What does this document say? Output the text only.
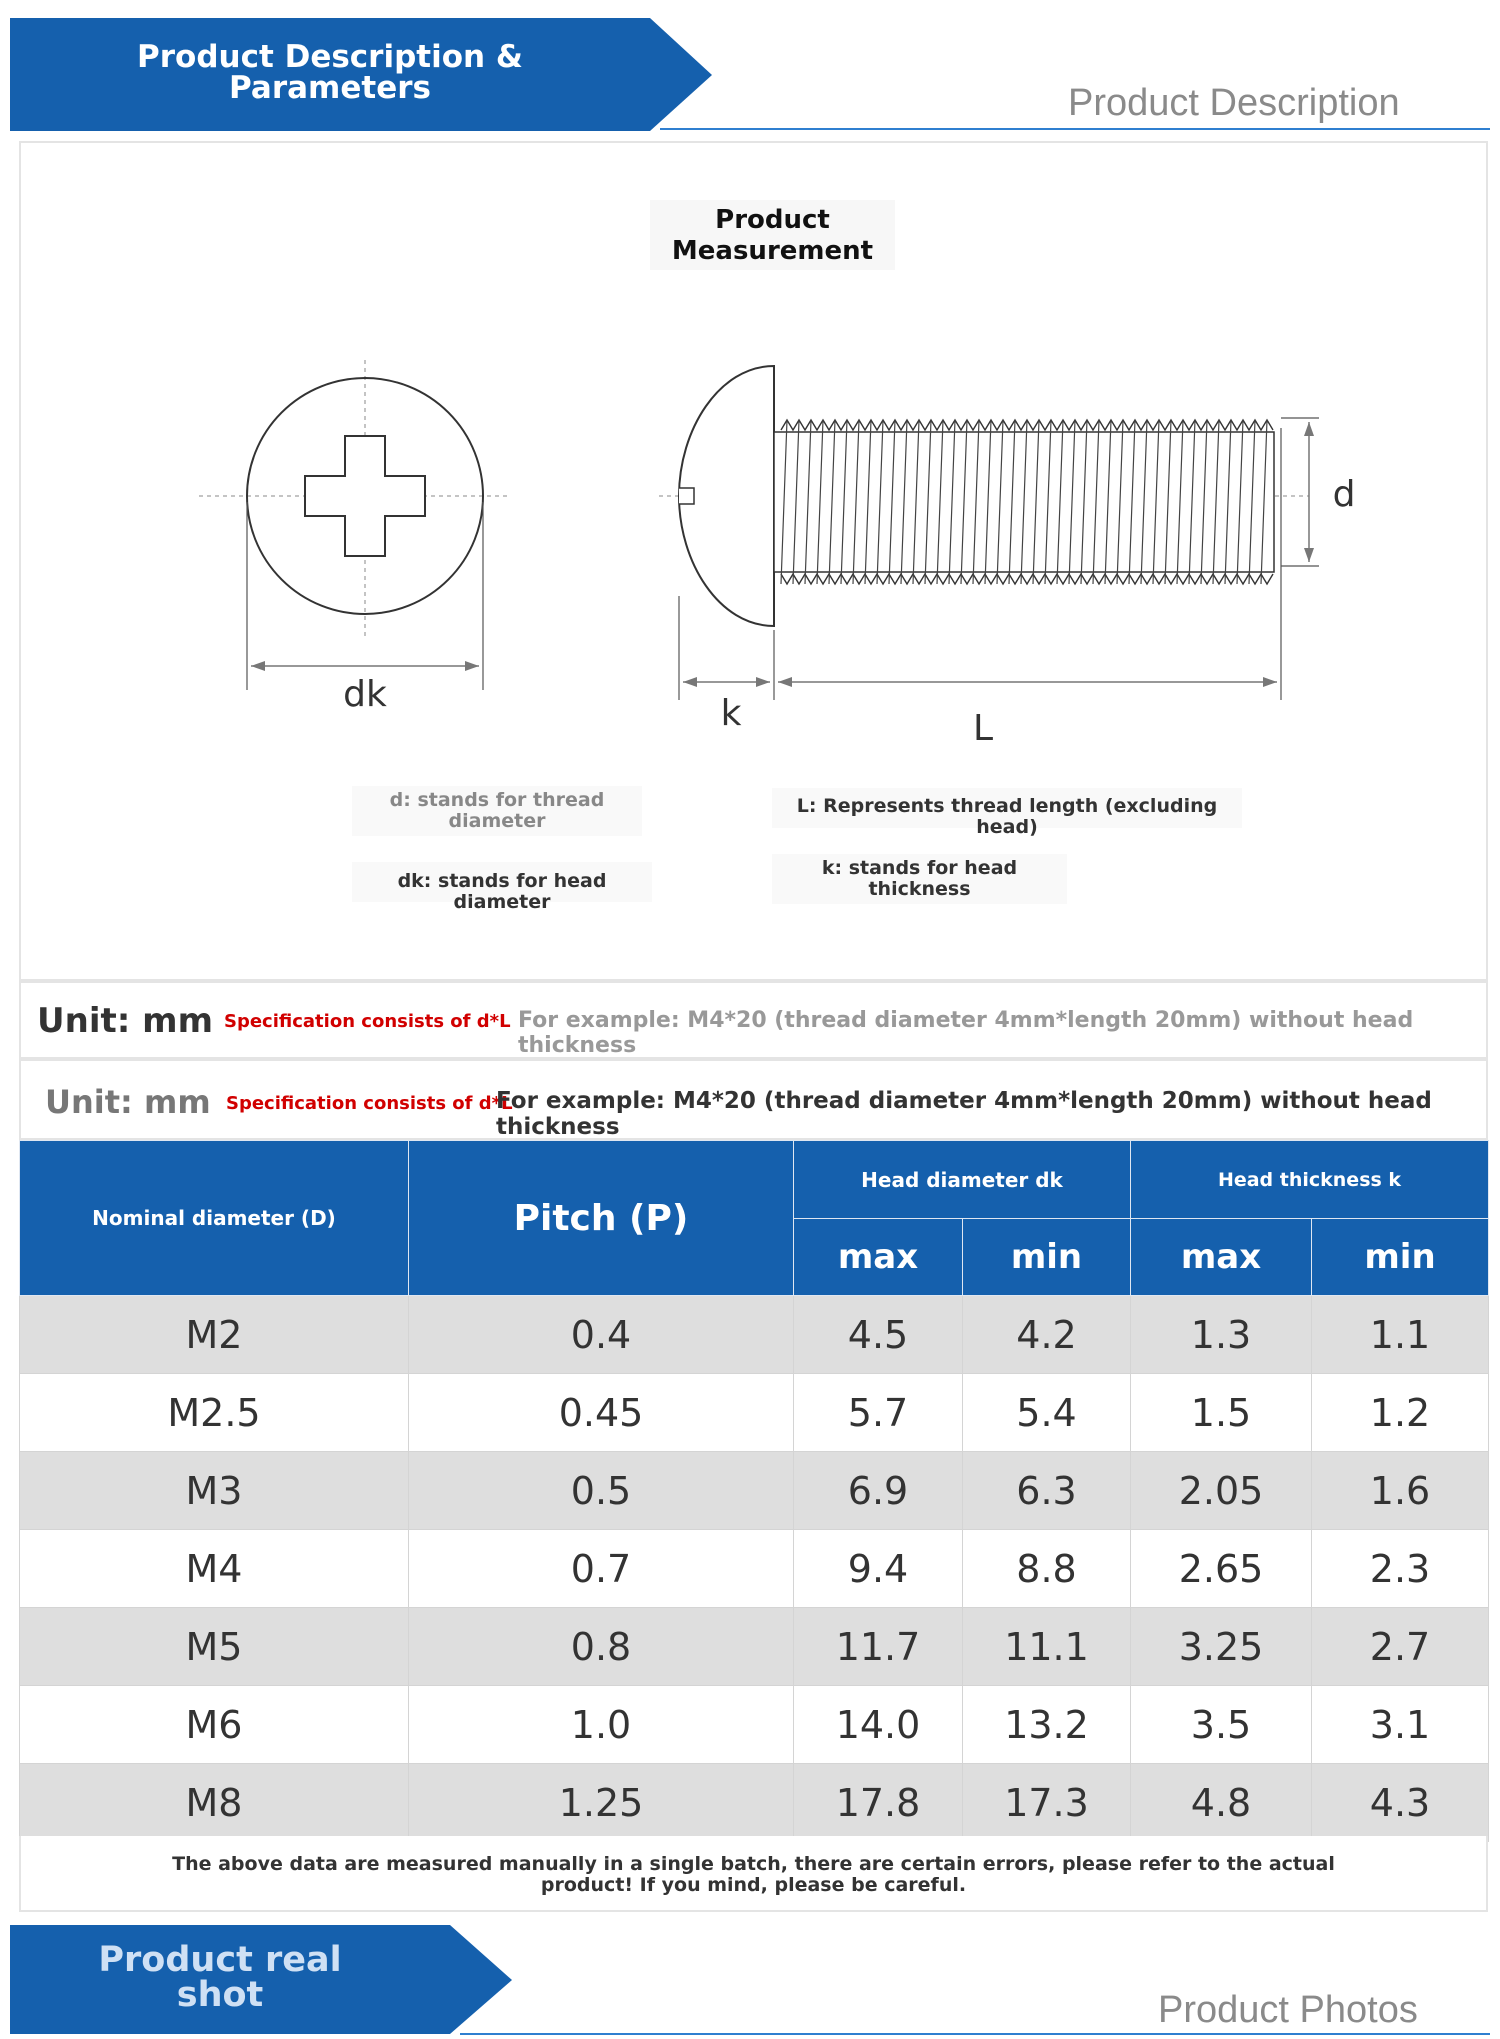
Product Description & Parameters	Product Description
Product Measurement
dk
d
k	L
d: stands for thread diameter
L: Represents thread length (excluding head)
dk: stands for head diameter
k: stands for head thickness
Unit: mm Specification consists of d*L For example: M4*20 (thread diameter 4mm*length 20mm) without head thickness
Unit: mm Specification consists of d*L
For example: M4*20 (thread diameter 4mm*length 20mm) without head thickness
Nominal diameter (D)	Pitch (P)	Head diameter dk		Head thickness k	
		max	min	max	min
M2	0.4	4.5	4.2	1.3	1.1
M2.5	0.45	5.7	5.4	1.5	1.2
M3	0.5	6.9	6.3	2.05	1.6
M4	0.7	9.4	8.8	2.65	2.3
M5	0.8	11.7	11.1	3.25	2.7
M6	1.0	14.0	13.2	3.5	3.1
M8	1.25	17.8	17.3	4.8	4.3
The above data are measured manually in a single batch, there are certain errors, please refer to the actual product! If you mind, please be careful.
Product real shot	Product Photos
